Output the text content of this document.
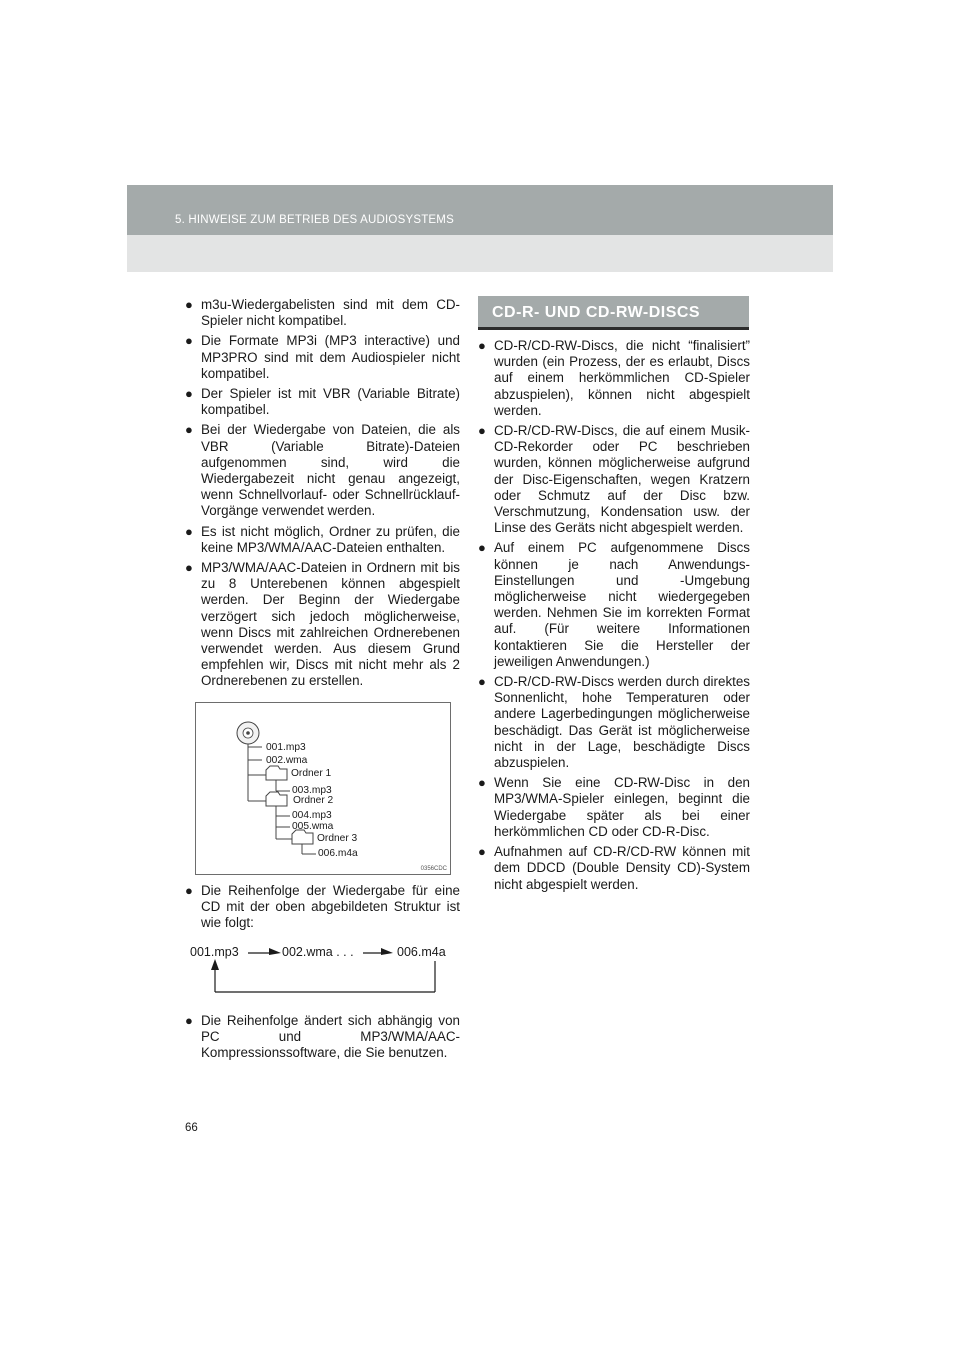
5. HINWEISE ZUM BETRIEB DES AUDIOSYSTEMS
● m3u-Wiedergabelisten sind mit dem CD-Spieler nicht kompatibel.
● Die Formate MP3i (MP3 interactive) und MP3PRO sind mit dem Audiospieler nicht kompatibel.
● Der Spieler ist mit VBR (Variable Bitrate) kompatibel.
● Bei der Wiedergabe von Dateien, die als VBR (Variable Bitrate)-Dateien aufgenommen sind, wird die Wiedergabezeit nicht genau angezeigt, wenn Schnellvorlauf- oder Schnellrücklauf-Vorgänge verwendet werden.
● Es ist nicht möglich, Ordner zu prüfen, die keine MP3/WMA/AAC-Dateien enthalten.
● MP3/WMA/AAC-Dateien in Ordnern mit bis zu 8 Unterebenen können abgespielt werden. Der Beginn der Wiedergabe verzögert sich jedoch möglicherweise, wenn Discs mit zahlreichen Ordnerebenen verwendet werden. Aus diesem Grund empfehlen wir, Discs mit nicht mehr als 2 Ordnerebenen zu erstellen.
001.mp3
002.wma
Ordner 1
003.mp3
Ordner 2
004.mp3
005.wma
Ordner 3
006.m4a
0356CDC
● Die Reihenfolge der Wiedergabe für eine CD mit der oben abgebildeten Struktur ist wie folgt:
001.mp3	002.wma . . .	006.m4a
● Die Reihenfolge ändert sich abhängig von PC und MP3/WMA/AAC-Kompressionssoftware, die Sie benutzen.
CD-R- UND CD-RW-DISCS
● CD-R/CD-RW-Discs, die nicht “finalisiert” wurden (ein Prozess, der es erlaubt, Discs auf einem herkömmlichen CD-Spieler abzuspielen), können nicht abgespielt werden.
● CD-R/CD-RW-Discs, die auf einem Musik-CD-Rekorder oder PC beschrieben wurden, können möglicherweise aufgrund der Disc-Eigenschaften, wegen Kratzern oder Schmutz auf der Disc bzw. Verschmutzung, Kondensation usw. der Linse des Geräts nicht abgespielt werden.
● Auf einem PC aufgenommene Discs können je nach Anwendungs-Einstellungen und -Umgebung möglicherweise nicht wiedergegeben werden. Nehmen Sie im korrekten Format auf. (Für weitere Informationen kontaktieren Sie die Hersteller der jeweiligen Anwendungen.)
● CD-R/CD-RW-Discs werden durch direktes Sonnenlicht, hohe Temperaturen oder andere Lagerbedingungen möglicherweise beschädigt. Das Gerät ist möglicherweise nicht in der Lage, beschädigte Discs abzuspielen.
● Wenn Sie eine CD-RW-Disc in den MP3/WMA-Spieler einlegen, beginnt die Wiedergabe später als bei einer herkömmlichen CD oder CD-R-Disc.
● Aufnahmen auf CD-R/CD-RW können mit dem DDCD (Double Density CD)-System nicht abgespielt werden.
66
